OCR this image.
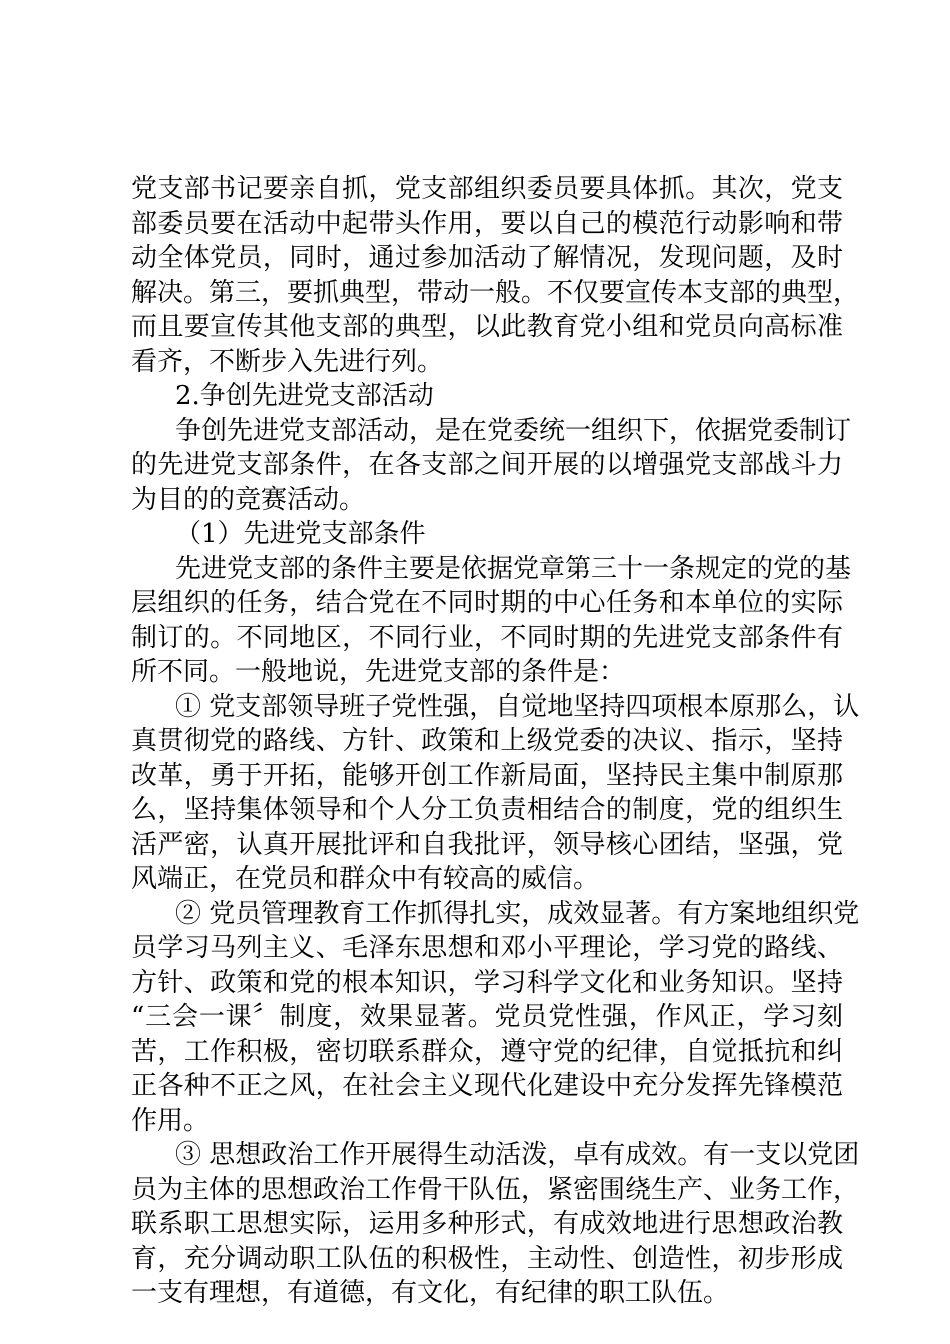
党支部书记要亲自抓，党支部组织委员要具体抓。其次，党支
部委员要在活动中起带头作用，要以自己的模范行动影响和带
动全体党员，同时，通过参加活动了解情况，发现问题，及时
解决。第三，要抓典型，带动一般。不仅要宣传本支部的典型，
而且要宣传其他支部的典型，以此教育党小组和党员向高标准
看齐，不断步入先进行列。
2.争创先进党支部活动
争创先进党支部活动，是在党委统一组织下，依据党委制订
的先进党支部条件，在各支部之间开展的以增强党支部战斗力
为目的的竞赛活动。
（1）先进党支部条件
先进党支部的条件主要是依据党章第三十一条规定的党的基
层组织的任务，结合党在不同时期的中心任务和本单位的实际
制订的。不同地区，不同行业，不同时期的先进党支部条件有
所不同。一般地说，先进党支部的条件是：
① 党支部领导班子党性强，自觉地坚持四项根本原那么，认
真贯彻党的路线、方针、政策和上级党委的决议、指示，坚持
改革，勇于开拓，能够开创工作新局面，坚持民主集中制原那
么，坚持集体领导和个人分工负责相结合的制度，党的组织生
活严密，认真开展批评和自我批评，领导核心团结，坚强，党
风端正，在党员和群众中有较高的威信。
② 党员管理教育工作抓得扎实，成效显著。有方案地组织党
员学习马列主义、毛泽东思想和邓小平理论，学习党的路线、
方针、政策和党的根本知识，学习科学文化和业务知识。坚持
“三会一课〞制度，效果显著。党员党性强，作风正，学习刻
苦，工作积极，密切联系群众，遵守党的纪律，自觉抵抗和纠
正各种不正之风，在社会主义现代化建设中充分发挥先锋模范
作用。
③ 思想政治工作开展得生动活泼，卓有成效。有一支以党团
员为主体的思想政治工作骨干队伍，紧密围绕生产、业务工作，
联系职工思想实际，运用多种形式，有成效地进行思想政治教
育，充分调动职工队伍的积极性，主动性、创造性，初步形成
一支有理想，有道德，有文化，有纪律的职工队伍。
